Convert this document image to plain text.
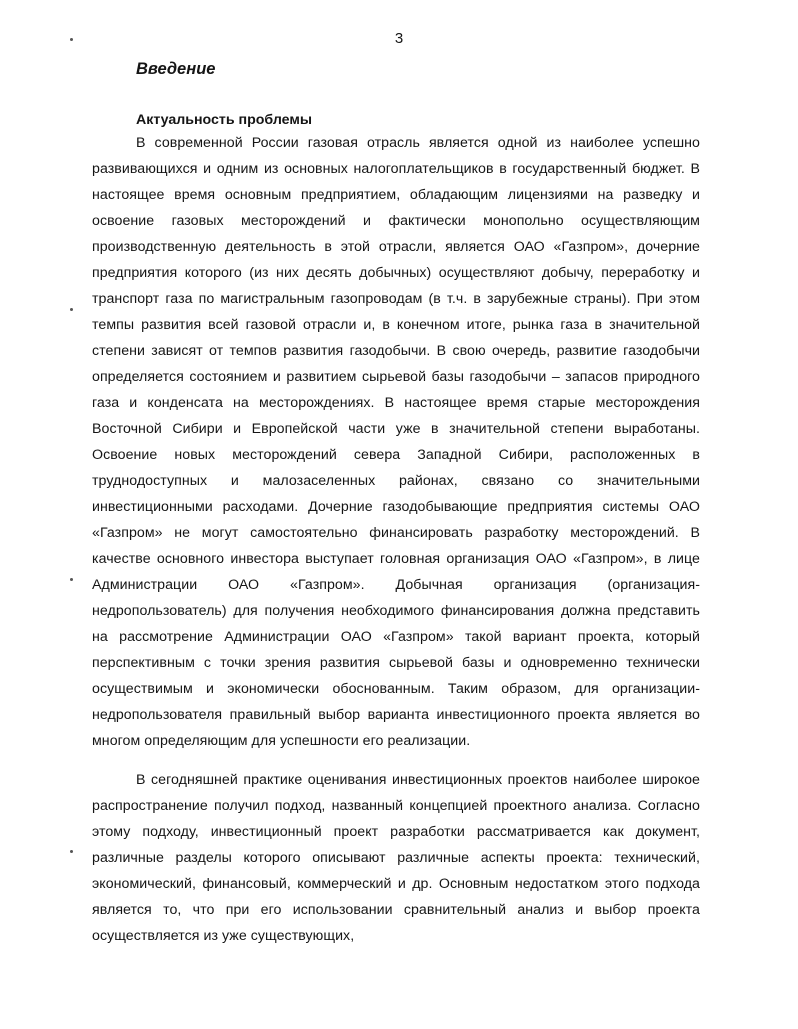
3
Введение
Актуальность проблемы

В современной России газовая отрасль является одной из наиболее успешно развивающихся и одним из основных налогоплательщиков в государственный бюджет. В настоящее время основным предприятием, обладающим лицензиями на разведку и освоение газовых месторождений и фактически монопольно осуществляющим производственную деятельность в этой отрасли, является ОАО «Газпром», дочерние предприятия которого (из них десять добычных) осуществляют добычу, переработку и транспорт газа по магистральным газопроводам (в т.ч. в зарубежные страны). При этом темпы развития всей газовой отрасли и, в конечном итоге, рынка газа в значительной степени зависят от темпов развития газодобычи. В свою очередь, развитие газодобычи определяется состоянием и развитием сырьевой базы газодобычи – запасов природного газа и конденсата на месторождениях. В настоящее время старые месторождения Восточной Сибири и Европейской части уже в значительной степени выработаны. Освоение новых месторождений севера Западной Сибири, расположенных в труднодоступных и малозаселенных районах, связано со значительными инвестиционными расходами. Дочерние газодобывающие предприятия системы ОАО «Газпром» не могут самостоятельно финансировать разработку месторождений. В качестве основного инвестора выступает головная организация ОАО «Газпром», в лице Администрации ОАО «Газпром». Добычная организация (организация-недропользователь) для получения необходимого финансирования должна представить на рассмотрение Администрации ОАО «Газпром» такой вариант проекта, который перспективным с точки зрения развития сырьевой базы и одновременно технически осуществимым и экономически обоснованным. Таким образом, для организации-недропользователя правильный выбор варианта инвестиционного проекта является во многом определяющим для успешности его реализации.

В сегодняшней практике оценивания инвестиционных проектов наиболее широкое распространение получил подход, названный концепцией проектного анализа. Согласно этому подходу, инвестиционный проект разработки рассматривается как документ, различные разделы которого описывают различные аспекты проекта: технический, экономический, финансовый, коммерческий и др. Основным недостатком этого подхода является то, что при его использовании сравнительный анализ и выбор проекта осуществляется из уже существующих,
